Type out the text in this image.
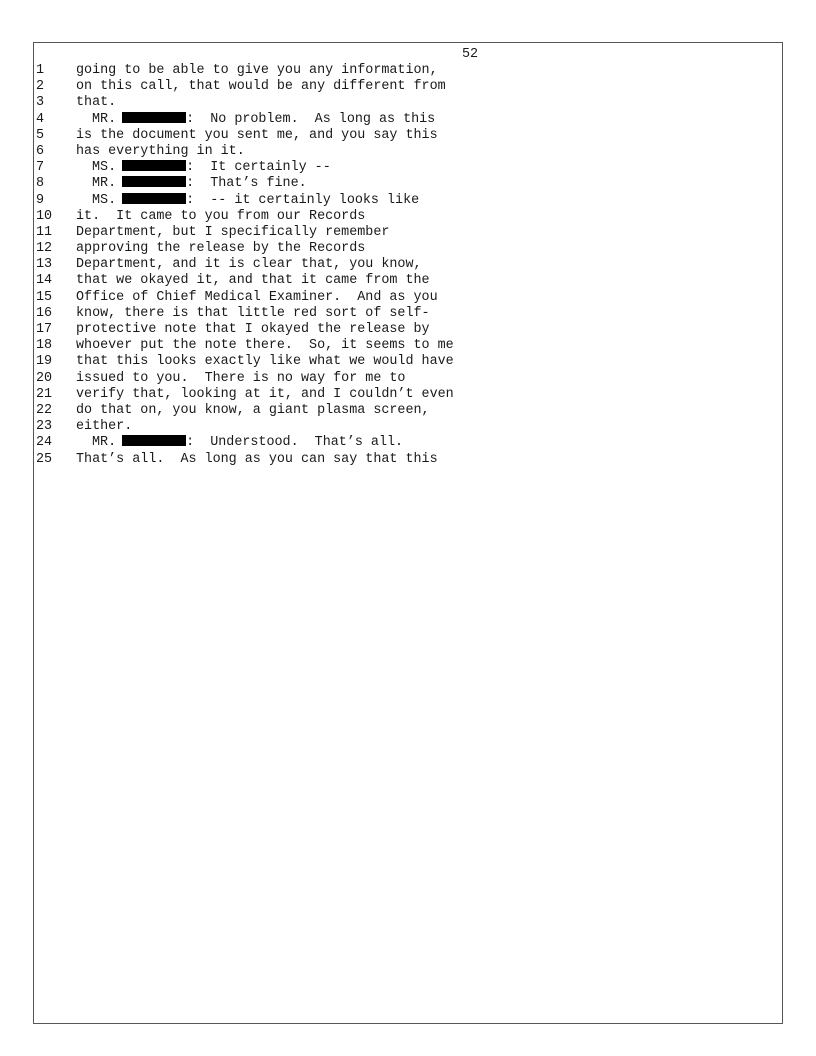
52
1	going to be able to give you any information,
2	on this call, that would be any different from
3	that.
4	MR.	:  No problem.  As long as this
5	is the document you sent me, and you say this
6	has everything in it.
7	MS.	:  It certainly --
8	MR.	:  That’s fine.
9	MS.	:  -- it certainly looks like
10	it.  It came to you from our Records
11	Department, but I specifically remember
12	approving the release by the Records
13	Department, and it is clear that, you know,
14	that we okayed it, and that it came from the
15	Office of Chief Medical Examiner.  And as you
16	know, there is that little red sort of self-
17	protective note that I okayed the release by
18	whoever put the note there.  So, it seems to me
19	that this looks exactly like what we would have
20	issued to you.  There is no way for me to
21	verify that, looking at it, and I couldn’t even
22	do that on, you know, a giant plasma screen,
23	either.
24	MR.	:  Understood.  That’s all.
25	That’s all.  As long as you can say that this
